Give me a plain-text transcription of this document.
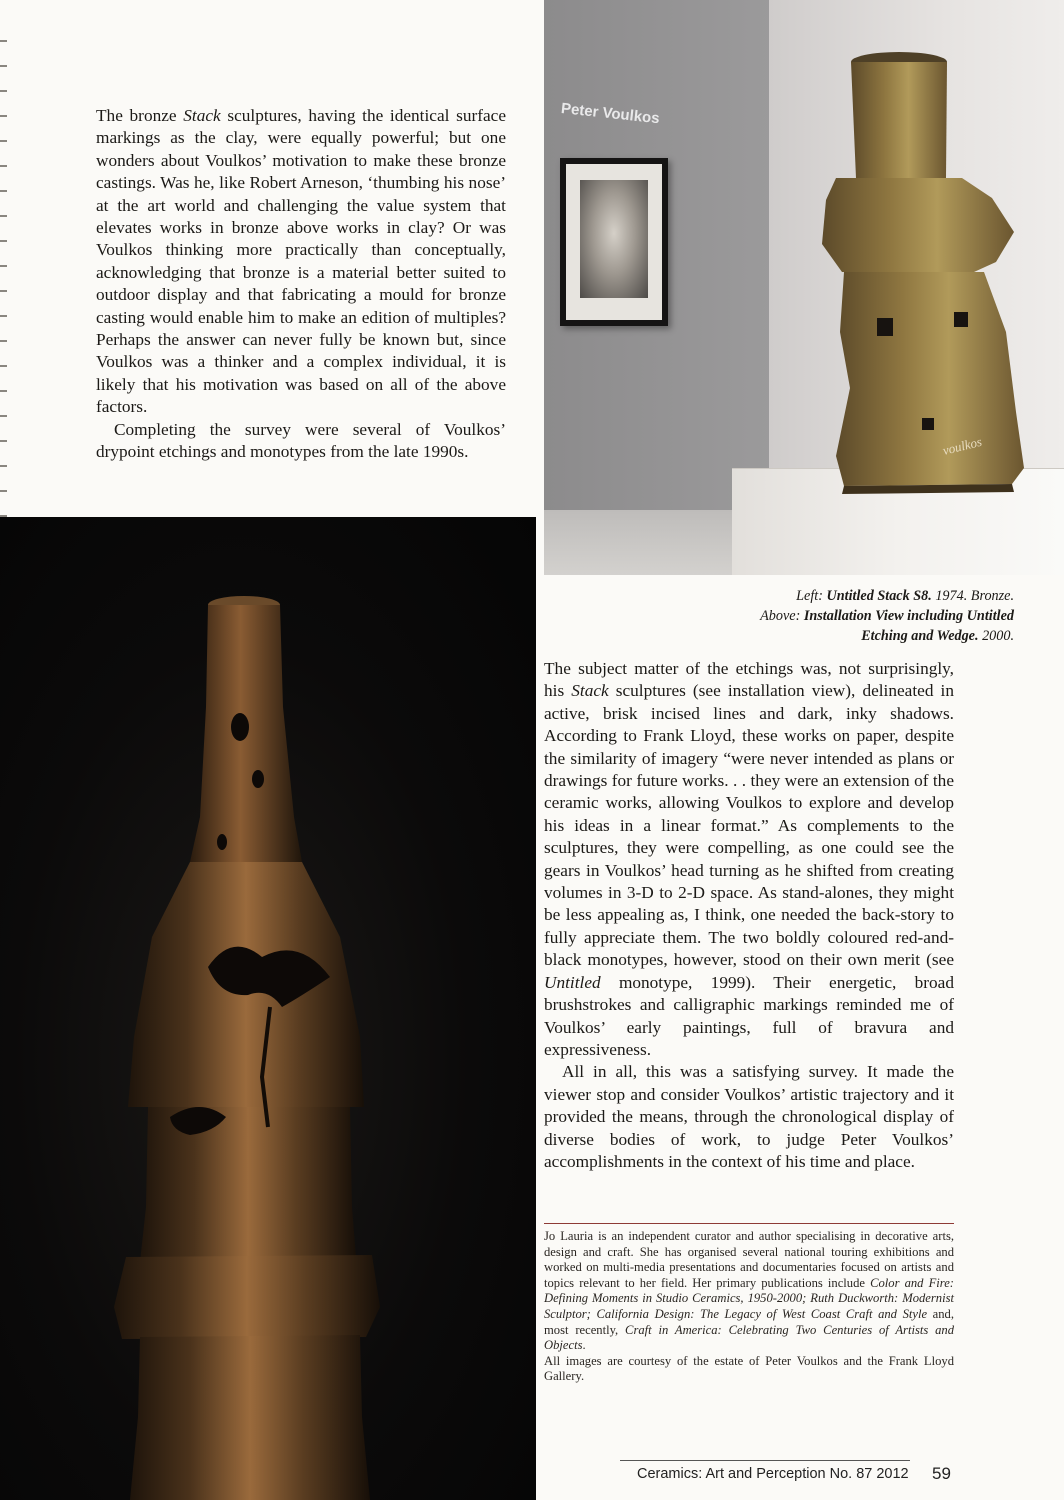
The bronze Stack sculptures, having the identical surface markings as the clay, were equally powerful; but one wonders about Voulkos’ motivation to make these bronze castings. Was he, like Robert Arneson, ‘thumbing his nose’ at the art world and challenging the value system that elevates works in bronze above works in clay? Or was Voulkos thinking more practically than conceptually, acknowledging that bronze is a material better suited to outdoor display and that fabricating a mould for bronze casting would enable him to make an edition of multiples? Perhaps the answer can never fully be known but, since Voulkos was a thinker and a complex individual, it is likely that his motivation was based on all of the above factors.

Completing the survey were several of Voulkos’ drypoint etchings and monotypes from the late 1990s.

Peter Voulkos
voulkos
Left: Untitled Stack S8. 1974. Bronze.
Above: Installation View including Untitled
Etching and Wedge. 2000.

The subject matter of the etchings was, not surprisingly, his Stack sculptures (see installation view), delineated in active, brisk incised lines and dark, inky shadows. According to Frank Lloyd, these works on paper, despite the similarity of imagery “were never intended as plans or drawings for future works. . . they were an extension of the ceramic works, allowing Voulkos to explore and develop his ideas in a linear format.” As complements to the sculptures, they were compelling, as one could see the gears in Voulkos’ head turning as he shifted from creating volumes in 3-D to 2-D space. As stand-alones, they might be less appealing as, I think, one needed the back-story to fully appreciate them. The two boldly coloured red-and-black monotypes, however, stood on their own merit (see Untitled monotype, 1999). Their energetic, broad brushstrokes and calligraphic markings reminded me of Voulkos’ early paintings, full of bravura and expressiveness.

All in all, this was a satisfying survey. It made the viewer stop and consider Voulkos’ artistic trajectory and it provided the means, through the chronological display of diverse bodies of work, to judge Peter Voulkos’ accomplishments in the context of his time and place.

Jo Lauria is an independent curator and author specialising in decorative arts, design and craft. She has organised several national touring exhibitions and worked on multi-media presentations and documentaries focused on artists and topics relevant to her field. Her primary publications include Color and Fire: Defining Moments in Studio Ceramics, 1950-2000; Ruth Duckworth: Modernist Sculptor; California Design: The Legacy of West Coast Craft and Style and, most recently, Craft in America: Celebrating Two Centuries of Artists and Objects.

All images are courtesy of the estate of Peter Voulkos and the Frank Lloyd Gallery.

Ceramics: Art and Perception No. 87 2012 59
